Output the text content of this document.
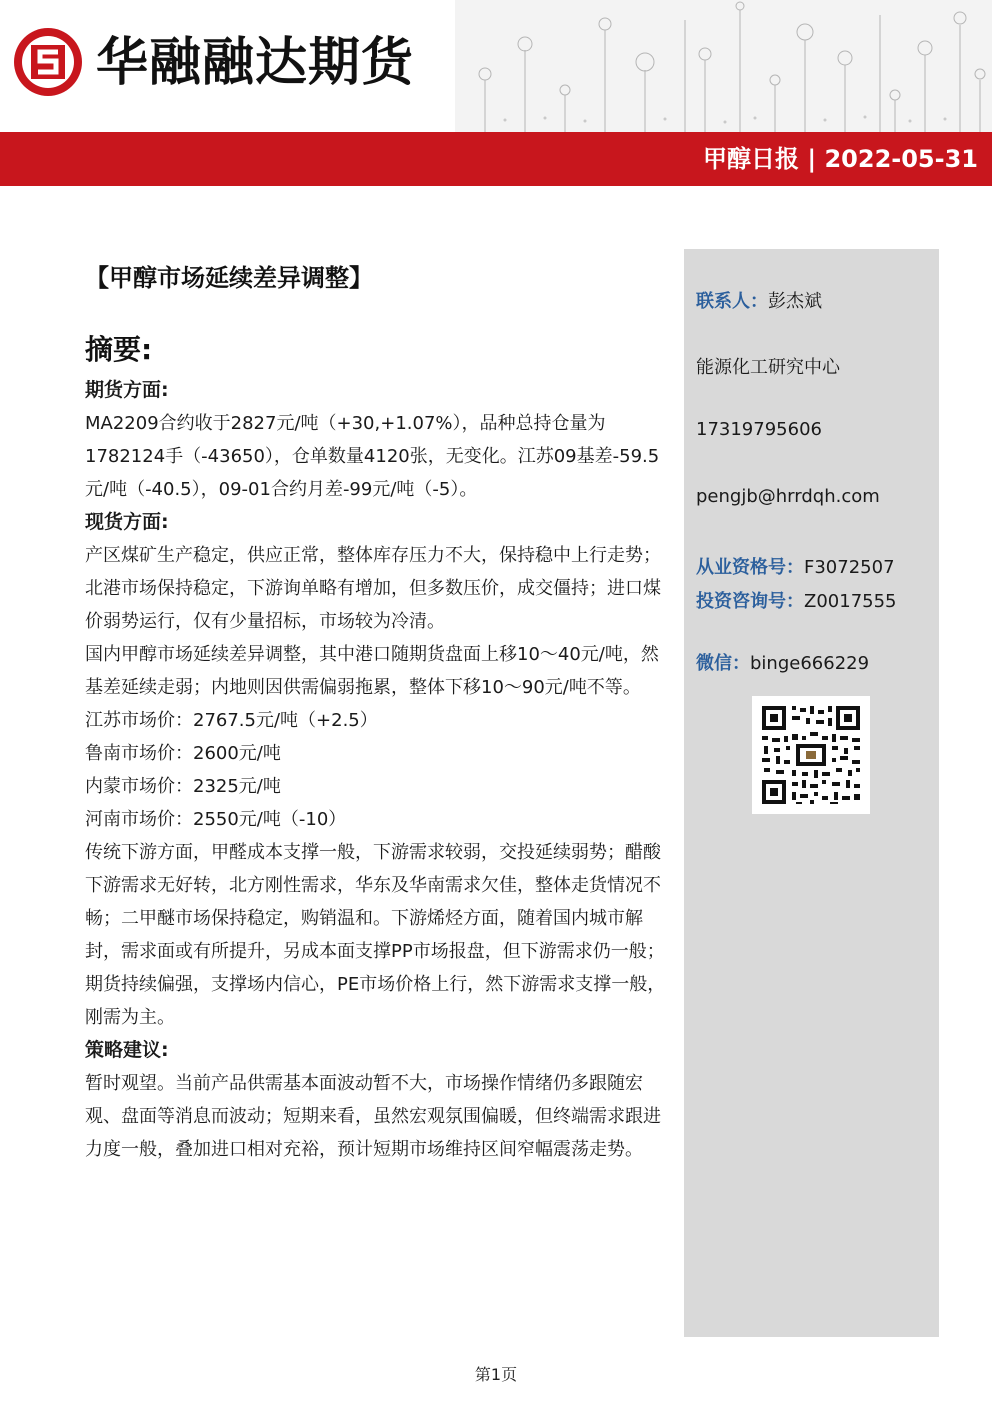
华融融达期货
甲醇日报 | 2022-05-31
【甲醇市场延续差异调整】
摘要:
期货方面:

MA2209合约收于2827元/吨（+30,+1.07%），品种总持仓量为1782124手（-43650），仓单数量4120张，无变化。江苏09基差-59.5元/吨（-40.5），09-01合约月差-99元/吨（-5）。

现货方面:

产区煤矿生产稳定，供应正常，整体库存压力不大，保持稳中上行走势；北港市场保持稳定，下游询单略有增加，但多数压价，成交僵持；进口煤价弱势运行，仅有少量招标，市场较为冷清。

国内甲醇市场延续差异调整，其中港口随期货盘面上移10～40元/吨，然基差延续走弱；内地则因供需偏弱拖累，整体下移10～90元/吨不等。

江苏市场价：2767.5元/吨（+2.5）

鲁南市场价：2600元/吨

内蒙市场价：2325元/吨

河南市场价：2550元/吨（-10）

传统下游方面，甲醛成本支撑一般，下游需求较弱，交投延续弱势；醋酸下游需求无好转，北方刚性需求，华东及华南需求欠佳，整体走货情况不畅；二甲醚市场保持稳定，购销温和。下游烯烃方面，随着国内城市解封，需求面或有所提升，另成本面支撑PP市场报盘，但下游需求仍一般；期货持续偏强，支撑场内信心，PE市场价格上行，然下游需求支撑一般，刚需为主。

策略建议:

暂时观望。当前产品供需基本面波动暂不大，市场操作情绪仍多跟随宏观、盘面等消息而波动；短期来看，虽然宏观氛围偏暖，但终端需求跟进力度一般，叠加进口相对充裕，预计短期市场维持区间窄幅震荡走势。

联系人：彭杰斌
能源化工研究中心
17319795606
pengjb@hrrdqh.com
从业资格号：F3072507
投资咨询号：Z0017555
微信：binge666229
第1页
